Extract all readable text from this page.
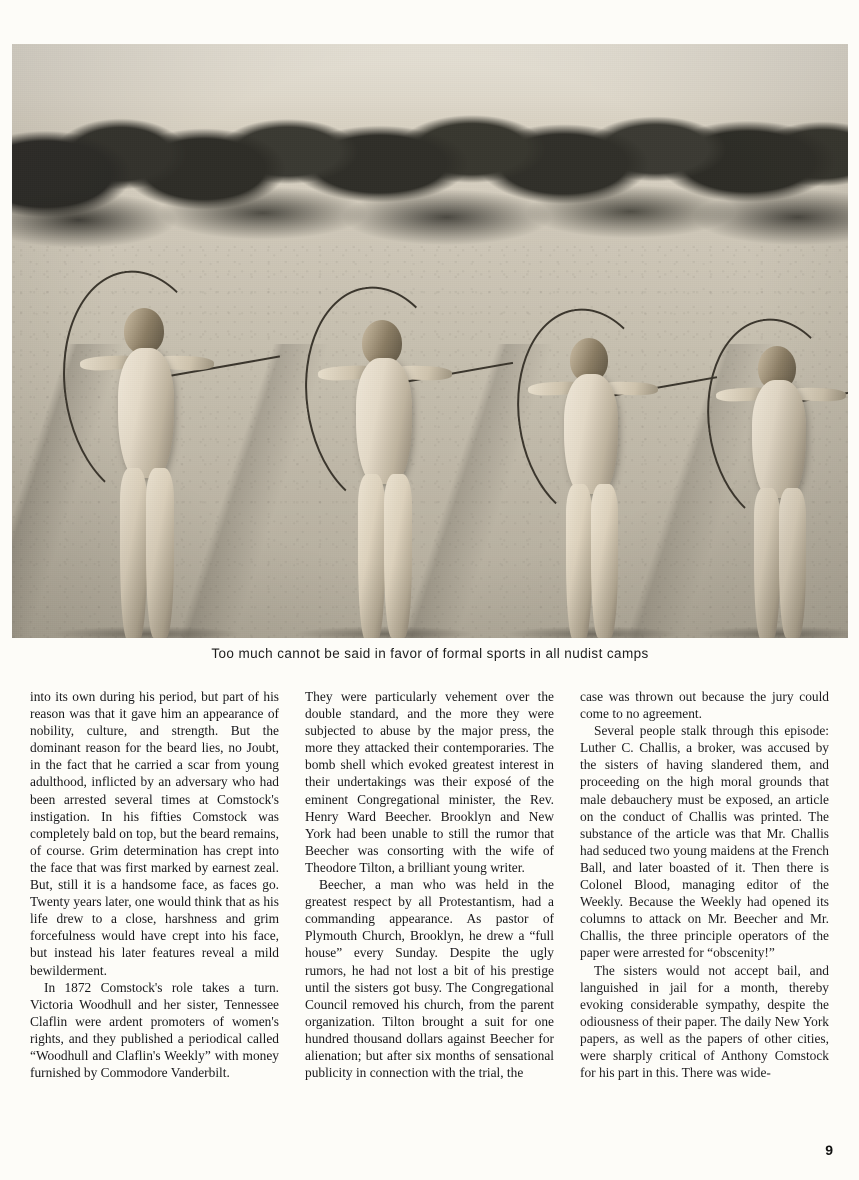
Too much cannot be said in favor of formal sports in all nudist camps

into its own during his period, but part of his reason was that it gave him an appearance of nobility, culture, and strength. But the dominant reason for the beard lies, no Joubt, in the fact that he carried a scar from young adulthood, inflicted by an adversary who had been arrested several times at Comstock's instigation. In his fifties Comstock was completely bald on top, but the beard remains, of course. Grim determination has crept into the face that was first marked by earnest zeal. But, still it is a handsome face, as faces go. Twenty years later, one would think that as his life drew to a close, harshness and grim forcefulness would have crept into his face, but instead his later features reveal a mild bewilderment.

In 1872 Comstock's role takes a turn. Victoria Woodhull and her sister, Tennessee Claflin were ardent promoters of women's rights, and they published a periodical called “Woodhull and Claflin's Weekly” with money furnished by Commodore Vanderbilt.

They were particularly vehement over the double standard, and the more they were subjected to abuse by the major press, the more they attacked their contemporaries. The bomb shell which evoked greatest interest in their undertakings was their exposé of the eminent Congregational minister, the Rev. Henry Ward Beecher. Brooklyn and New York had been unable to still the rumor that Beecher was consorting with the wife of Theodore Tilton, a brilliant young writer.

Beecher, a man who was held in the greatest respect by all Protestantism, had a commanding appearance. As pastor of Plymouth Church, Brooklyn, he drew a “full house” every Sunday. Despite the ugly rumors, he had not lost a bit of his prestige until the sisters got busy. The Congregational Council removed his church, from the parent organization. Tilton brought a suit for one hundred thousand dollars against Beecher for alienation; but after six months of sensational publicity in connection with the trial, the

case was thrown out because the jury could come to no agreement.

Several people stalk through this episode: Luther C. Challis, a broker, was accused by the sisters of having slandered them, and proceeding on the high moral grounds that male debauchery must be exposed, an article on the conduct of Challis was printed. The substance of the article was that Mr. Challis had seduced two young maidens at the French Ball, and later boasted of it. Then there is Colonel Blood, managing editor of the Weekly. Because the Weekly had opened its columns to attack on Mr. Beecher and Mr. Challis, the three principle operators of the paper were arrested for “obscenity!”

The sisters would not accept bail, and languished in jail for a month, thereby evoking considerable sympathy, despite the odiousness of their paper. The daily New York papers, as well as the papers of other cities, were sharply critical of Anthony Comstock for his part in this. There was wide-

9
